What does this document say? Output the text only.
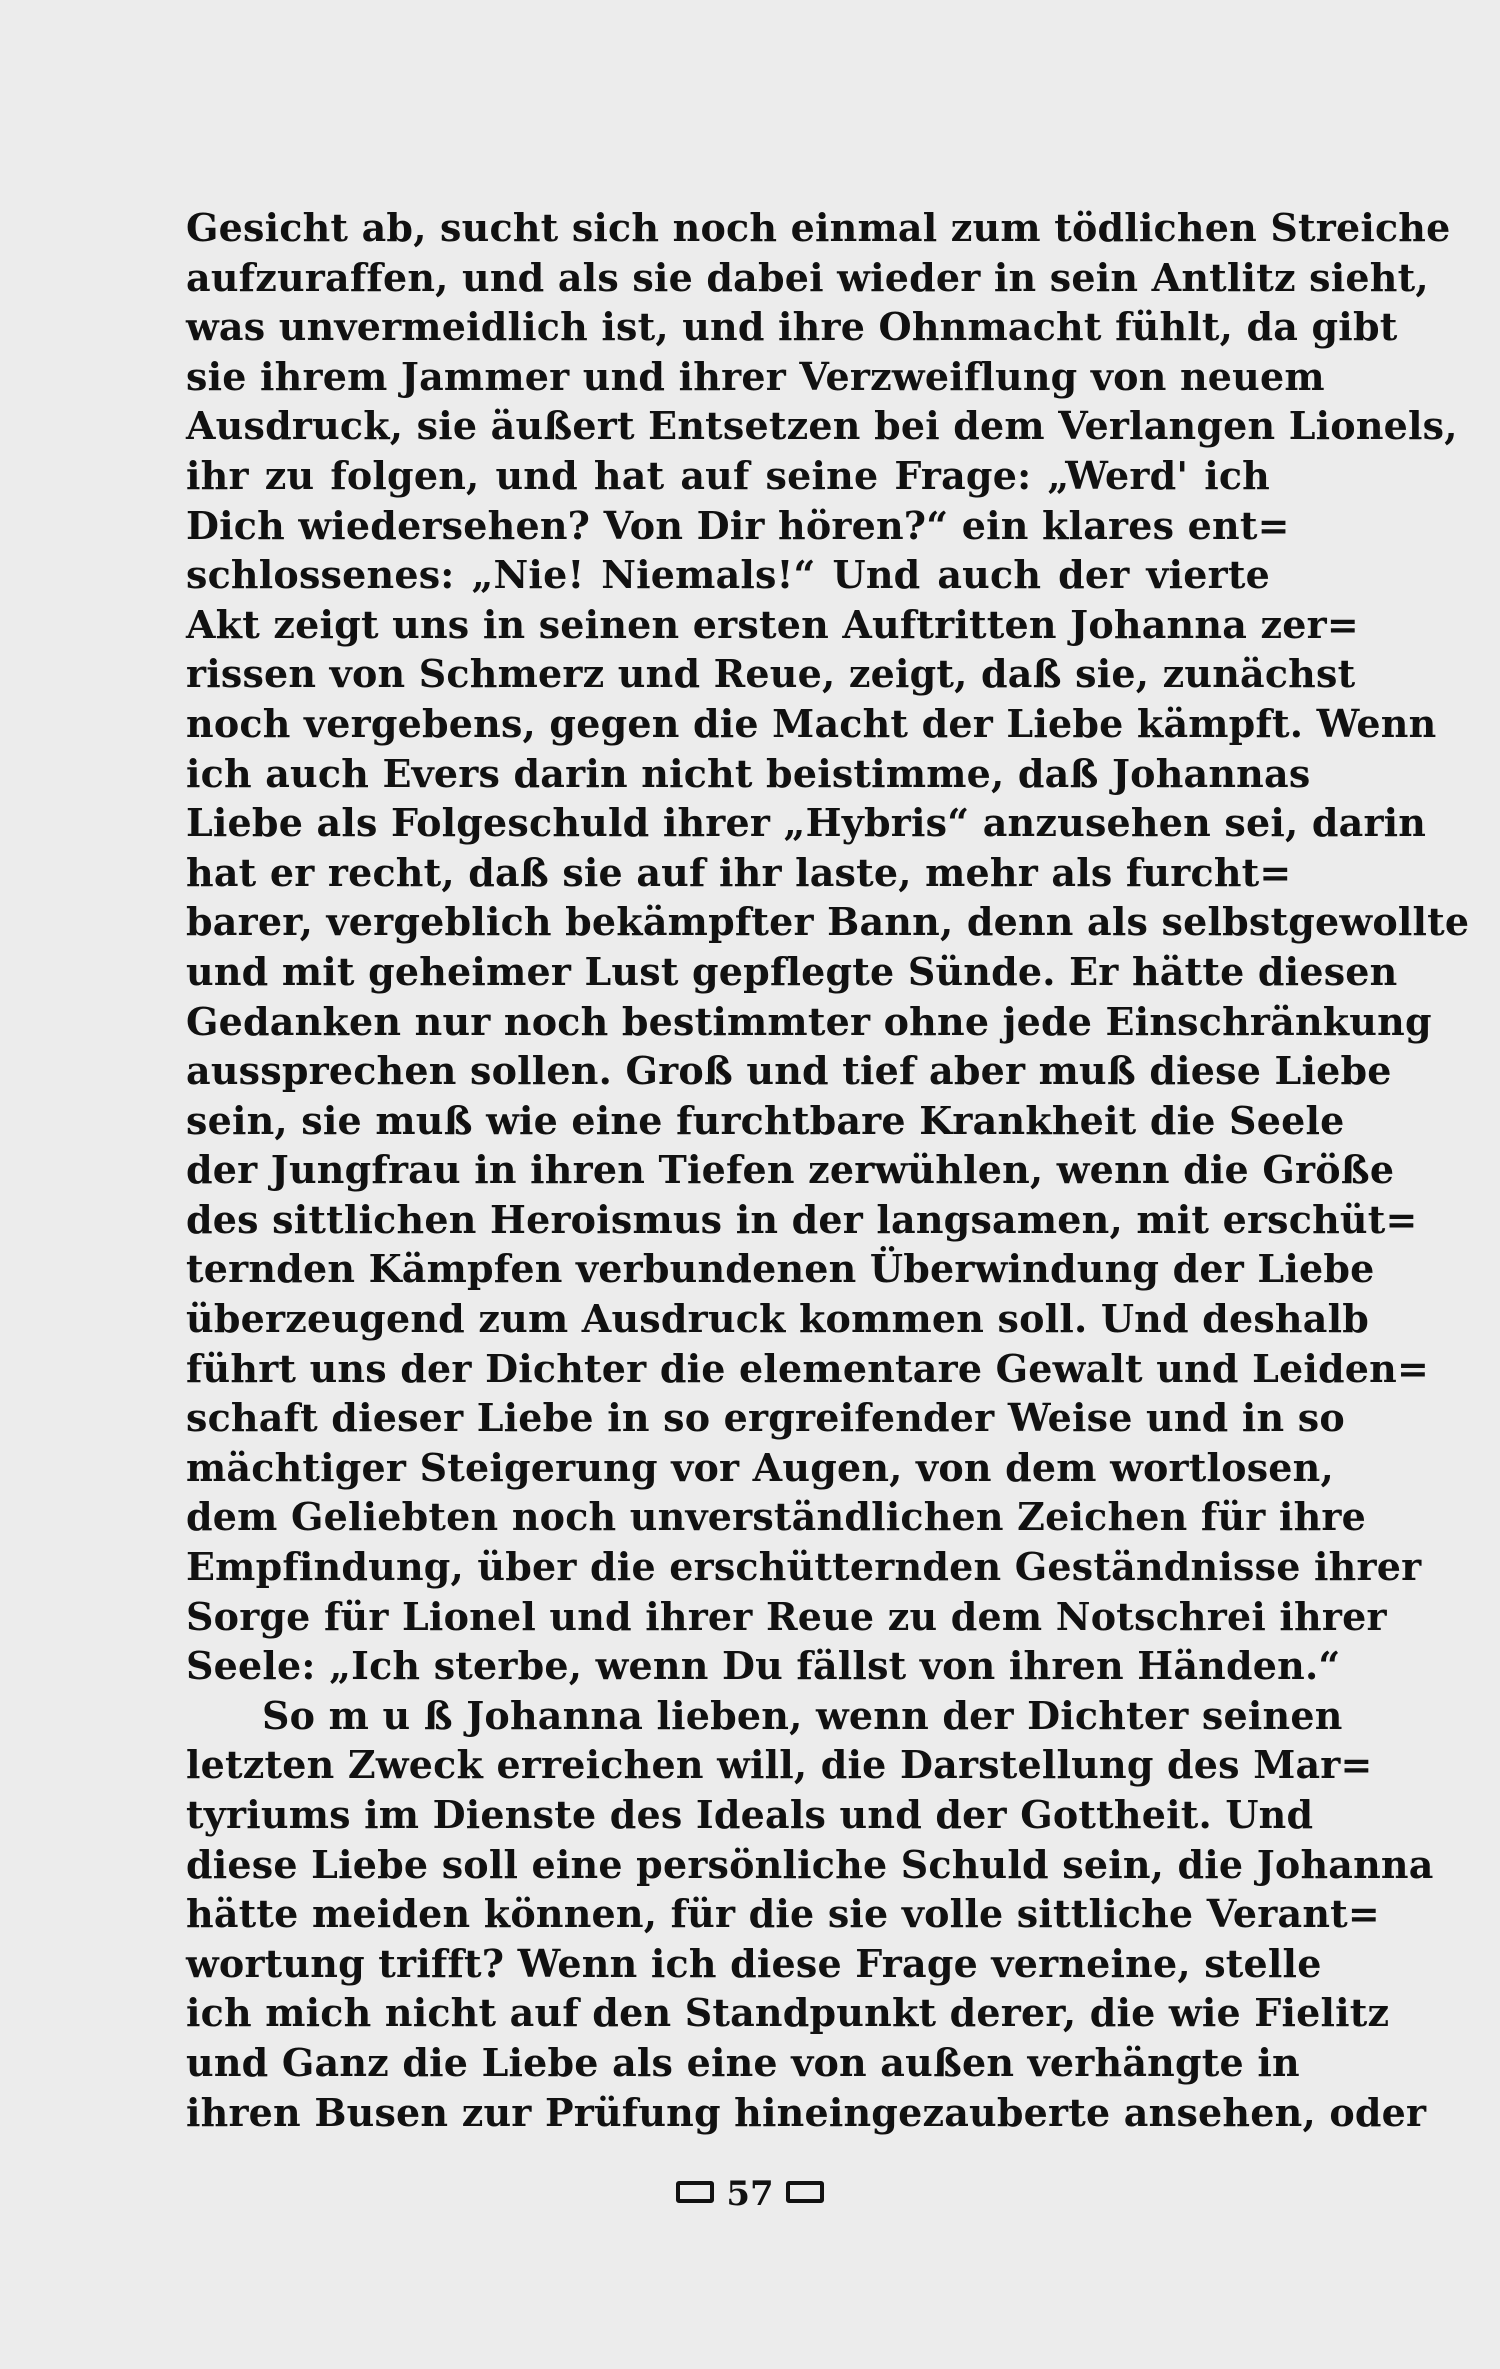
Gesicht ab, sucht sich noch einmal zum tödlichen Streiche
aufzuraffen, und als sie dabei wieder in sein Antlitz sieht,
was unvermeidlich ist, und ihre Ohnmacht fühlt, da gibt
sie ihrem Jammer und ihrer Verzweiflung von neuem
Ausdruck, sie äußert Entsetzen bei dem Verlangen Lionels,
ihr zu folgen, und hat auf seine Frage: „Werd' ich
Dich wiedersehen? Von Dir hören?“ ein klares ent=
schlossenes: „Nie! Niemals!“ Und auch der vierte
Akt zeigt uns in seinen ersten Auftritten Johanna zer=
rissen von Schmerz und Reue, zeigt, daß sie, zunächst
noch vergebens, gegen die Macht der Liebe kämpft. Wenn
ich auch Evers darin nicht beistimme, daß Johannas
Liebe als Folgeschuld ihrer „Hybris“ anzusehen sei, darin
hat er recht, daß sie auf ihr laste, mehr als furcht=
barer, vergeblich bekämpfter Bann, denn als selbstgewollte
und mit geheimer Lust gepflegte Sünde. Er hätte diesen
Gedanken nur noch bestimmter ohne jede Einschränkung
aussprechen sollen. Groß und tief aber muß diese Liebe
sein, sie muß wie eine furchtbare Krankheit die Seele
der Jungfrau in ihren Tiefen zerwühlen, wenn die Größe
des sittlichen Heroismus in der langsamen, mit erschüt=
ternden Kämpfen verbundenen Überwindung der Liebe
überzeugend zum Ausdruck kommen soll. Und deshalb
führt uns der Dichter die elementare Gewalt und Leiden=
schaft dieser Liebe in so ergreifender Weise und in so
mächtiger Steigerung vor Augen, von dem wortlosen,
dem Geliebten noch unverständlichen Zeichen für ihre
Empfindung, über die erschütternden Geständnisse ihrer
Sorge für Lionel und ihrer Reue zu dem Notschrei ihrer
Seele: „Ich sterbe, wenn Du fällst von ihren Händen.“
So m u ß Johanna lieben, wenn der Dichter seinen
letzten Zweck erreichen will, die Darstellung des Mar=
tyriums im Dienste des Ideals und der Gottheit. Und
diese Liebe soll eine persönliche Schuld sein, die Johanna
hätte meiden können, für die sie volle sittliche Verant=
wortung trifft? Wenn ich diese Frage verneine, stelle
ich mich nicht auf den Standpunkt derer, die wie Fielitz
und Ganz die Liebe als eine von außen verhängte in
ihren Busen zur Prüfung hineingezauberte ansehen, oder
57
